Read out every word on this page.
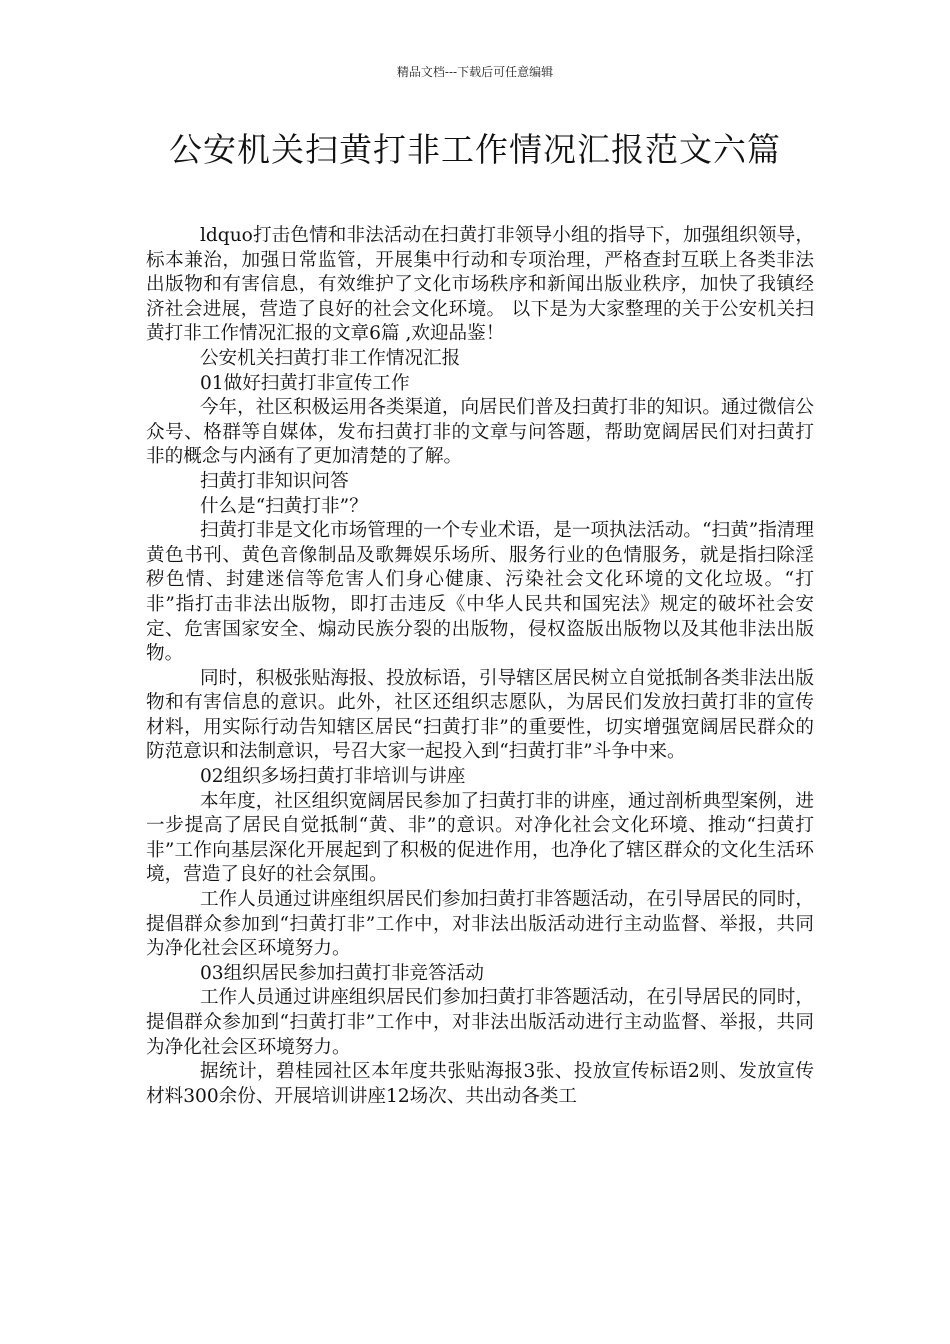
精品文档---下载后可任意编辑
公安机关扫黄打非工作情况汇报范文六篇

ldquo打击色情和非法活动在扫黄打非领导小组的指导下，加强组织领导，标本兼治，加强日常监管，开展集中行动和专项治理，严格查封互联上各类非法出版物和有害信息，有效维护了文化市场秩序和新闻出版业秩序，加快了我镇经济社会进展，营造了良好的社会文化环境。 以下是为大家整理的关于公安机关扫黄打非工作情况汇报的文章6篇 ,欢迎品鉴！

公安机关扫黄打非工作情况汇报

01做好扫黄打非宣传工作

今年，社区积极运用各类渠道，向居民们普及扫黄打非的知识。通过微信公众号、格群等自媒体，发布扫黄打非的文章与问答题，帮助宽阔居民们对扫黄打非的概念与内涵有了更加清楚的了解。

扫黄打非知识问答

什么是“扫黄打非”？

扫黄打非是文化市场管理的一个专业术语，是一项执法活动。“扫黄”指清理黄色书刊、黄色音像制品及歌舞娱乐场所、服务行业的色情服务，就是指扫除淫秽色情、封建迷信等危害人们身心健康、污染社会文化环境的文化垃圾。“打非”指打击非法出版物，即打击违反《中华人民共和国宪法》规定的破坏社会安定、危害国家安全、煽动民族分裂的出版物，侵权盗版出版物以及其他非法出版物。

同时，积极张贴海报、投放标语，引导辖区居民树立自觉抵制各类非法出版物和有害信息的意识。此外，社区还组织志愿队，为居民们发放扫黄打非的宣传材料，用实际行动告知辖区居民“扫黄打非”的重要性，切实增强宽阔居民群众的防范意识和法制意识，号召大家一起投入到“扫黄打非”斗争中来。

02组织多场扫黄打非培训与讲座

本年度，社区组织宽阔居民参加了扫黄打非的讲座，通过剖析典型案例，进一步提高了居民自觉抵制“黄、非”的意识。对净化社会文化环境、推动“扫黄打非”工作向基层深化开展起到了积极的促进作用，也净化了辖区群众的文化生活环境，营造了良好的社会氛围。

工作人员通过讲座组织居民们参加扫黄打非答题活动，在引导居民的同时，提倡群众参加到“扫黄打非”工作中，对非法出版活动进行主动监督、举报，共同为净化社会区环境努力。

03组织居民参加扫黄打非竞答活动

工作人员通过讲座组织居民们参加扫黄打非答题活动，在引导居民的同时，提倡群众参加到“扫黄打非”工作中，对非法出版活动进行主动监督、举报，共同为净化社会区环境努力。

据统计，碧桂园社区本年度共张贴海报3张、投放宣传标语2则、发放宣传材料300余份、开展培训讲座12场次、共出动各类工
